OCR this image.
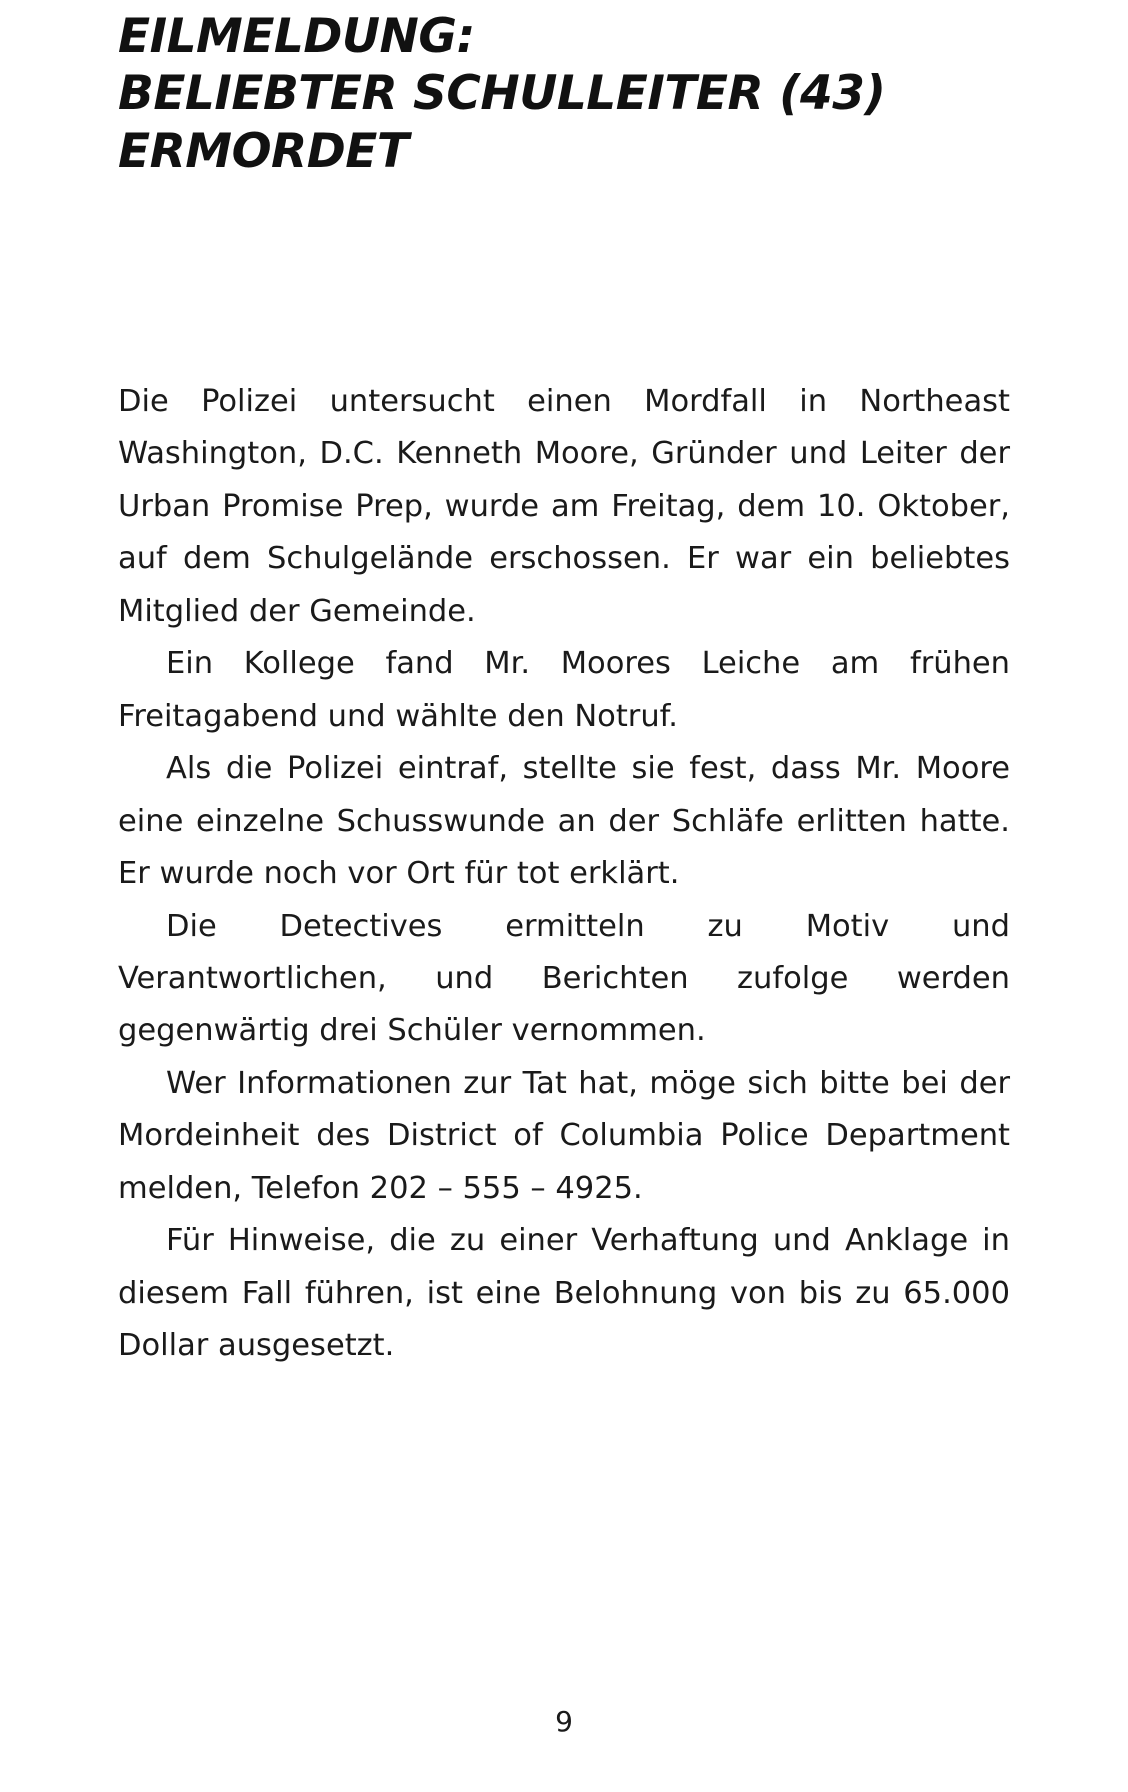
EILMELDUNG:
BELIEBTER SCHULLEITER (43)
ERMORDET

Die Polizei untersucht einen Mordfall in Northeast Washington, D.C. Kenneth Moore, Gründer und Leiter der Urban Promise Prep, wurde am Freitag, dem 10. Oktober, auf dem Schulgelände erschossen. Er war ein beliebtes Mitglied der Gemeinde.

Ein Kollege fand Mr. Moores Leiche am frühen Freitagabend und wählte den Notruf.

Als die Polizei eintraf, stellte sie fest, dass Mr. Moore eine einzelne Schusswunde an der Schläfe erlitten hatte. Er wurde noch vor Ort für tot erklärt.

Die Detectives ermitteln zu Motiv und Verantwortlichen, und Berichten zufolge werden gegenwärtig drei Schüler vernommen.

Wer Informationen zur Tat hat, möge sich bitte bei der Mordeinheit des District of Columbia Police Department melden, Telefon 202 – 555 – 4925.

Für Hinweise, die zu einer Verhaftung und Anklage in diesem Fall führen, ist eine Belohnung von bis zu 65.000 Dollar ausgesetzt.

9
